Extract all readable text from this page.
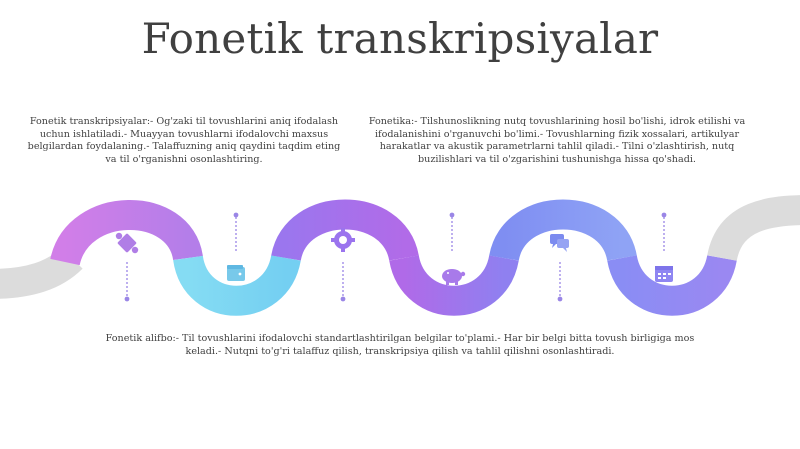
Fonetik transkripsiyalar
Fonetik transkripsiyalar:- Og'zaki til tovushlarini aniq ifodalash uchun ishlatiladi.- Muayyan tovushlarni ifodalovchi maxsus belgilardan foydalaning.- Talaffuzning aniq qaydini taqdim eting va til o'rganishni osonlashtiring.
Fonetika:- Tilshunoslikning nutq tovushlarining hosil bo'lishi, idrok etilishi va ifodalanishini o'rganuvchi bo'limi.- Tovushlarning fizik xossalari, artikulyar harakatlar va akustik parametrlarni tahlil qiladi.- Tilni o'zlashtirish, nutq buzilishlari va til o'zgarishini tushunishga hissa qo'shadi.
Fonetik alifbo:- Til tovushlarini ifodalovchi standartlashtirilgan belgilar to'plami.- Har bir belgi bitta tovush birligiga mos keladi.- Nutqni to'g'ri talaffuz qilish, transkripsiya qilish va tahlil qilishni osonlashtiradi.
